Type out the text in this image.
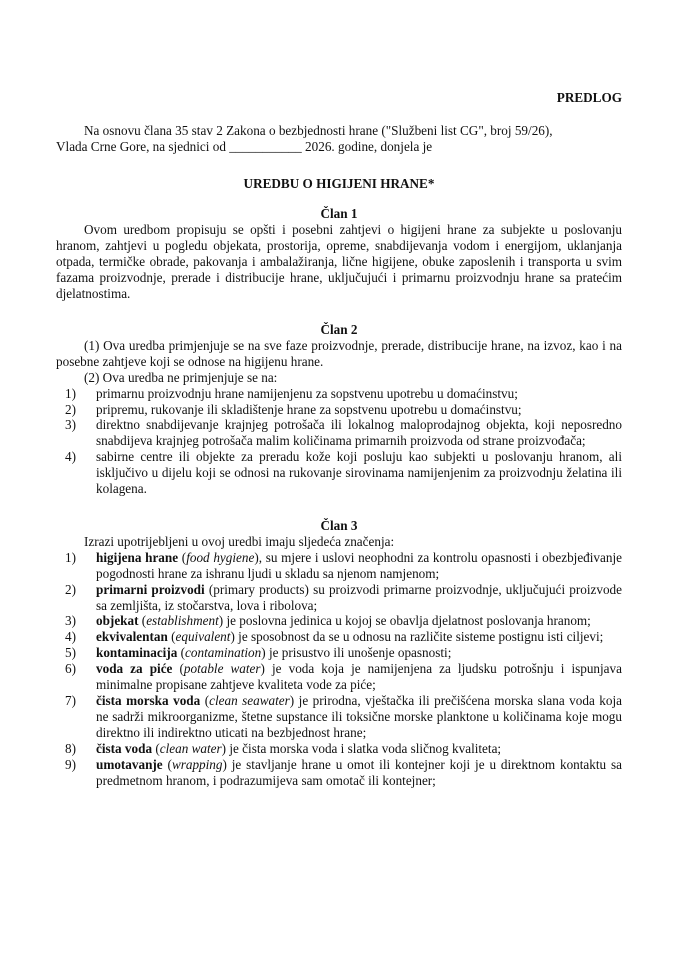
PREDLOG

Na osnovu člana 35 stav 2 Zakona o bezbjednosti hrane ("Službeni list CG", broj 59/26),

Vlada Crne Gore, na sjednici od ___________ 2026. godine, donjela je
UREDBU O HIGIJENI HRANE*

Član 1

Ovom uredbom propisuju se opšti i posebni zahtjevi o higijeni hrane za subjekte u poslovanju hranom, zahtjevi u pogledu objekata, prostorija, opreme, snabdijevanja vodom i energijom, uklanjanja otpada, termičke obrade, pakovanja i ambalažiranja, lične higijene, obuke zaposlenih i transporta u svim fazama proizvodnje, prerade i distribucije hrane, uključujući i primarnu proizvodnju hrane sa pratećim djelatnostima.

Član 2

(1) Ova uredba primjenjuje se na sve faze proizvodnje, prerade, distribucije hrane, na izvoz, kao i na posebne zahtjeve koji se odnose na higijenu hrane.

(2) Ova uredba ne primjenjuje se na:

1) primarnu proizvodnju hrane namijenjenu za sopstvenu upotrebu u domaćinstvu;
2) pripremu, rukovanje ili skladištenje hrane za sopstvenu upotrebu u domaćinstvu;
3) direktno snabdijevanje krajnjeg potrošača ili lokalnog maloprodajnog objekta, koji neposredno snabdijeva krajnjeg potrošača malim količinama primarnih proizvoda od strane proizvođača;
4) sabirne centre ili objekte za preradu kože koji posluju kao subjekti u poslovanju hranom, ali isključivo u dijelu koji se odnosi na rukovanje sirovinama namijenjenim za proizvodnju želatina ili kolagena.

Član 3

Izrazi upotrijebljeni u ovoj uredbi imaju sljedeća značenja:

1) higijena hrane (food hygiene), su mjere i uslovi neophodni za kontrolu opasnosti i obezbjeđivanje pogodnosti hrane za ishranu ljudi u skladu sa njenom namjenom;
2) primarni proizvodi (primary products) su proizvodi primarne proizvodnje, uključujući proizvode sa zemljišta, iz stočarstva, lova i ribolova;
3) objekat (establishment) je poslovna jedinica u kojoj se obavlja djelatnost poslovanja hranom;
4) ekvivalentan (equivalent) je sposobnost da se u odnosu na različite sisteme postignu isti ciljevi;
5) kontaminacija (contamination) je prisustvo ili unošenje opasnosti;
6) voda za piće (potable water) je voda koja je namijenjena za ljudsku potrošnju i ispunjava minimalne propisane zahtjeve kvaliteta vode za piće;
7) čista morska voda (clean seawater) je prirodna, vještačka ili prečišćena morska slana voda koja ne sadrži mikroorganizme, štetne supstance ili toksične morske planktone u količinama koje mogu direktno ili indirektno uticati na bezbjednost hrane;
8) čista voda (clean water) je čista morska voda i slatka voda sličnog kvaliteta;
9) umotavanje (wrapping) je stavljanje hrane u omot ili kontejner koji je u direktnom kontaktu sa predmetnom hranom, i podrazumijeva sam omotač ili kontejner;
